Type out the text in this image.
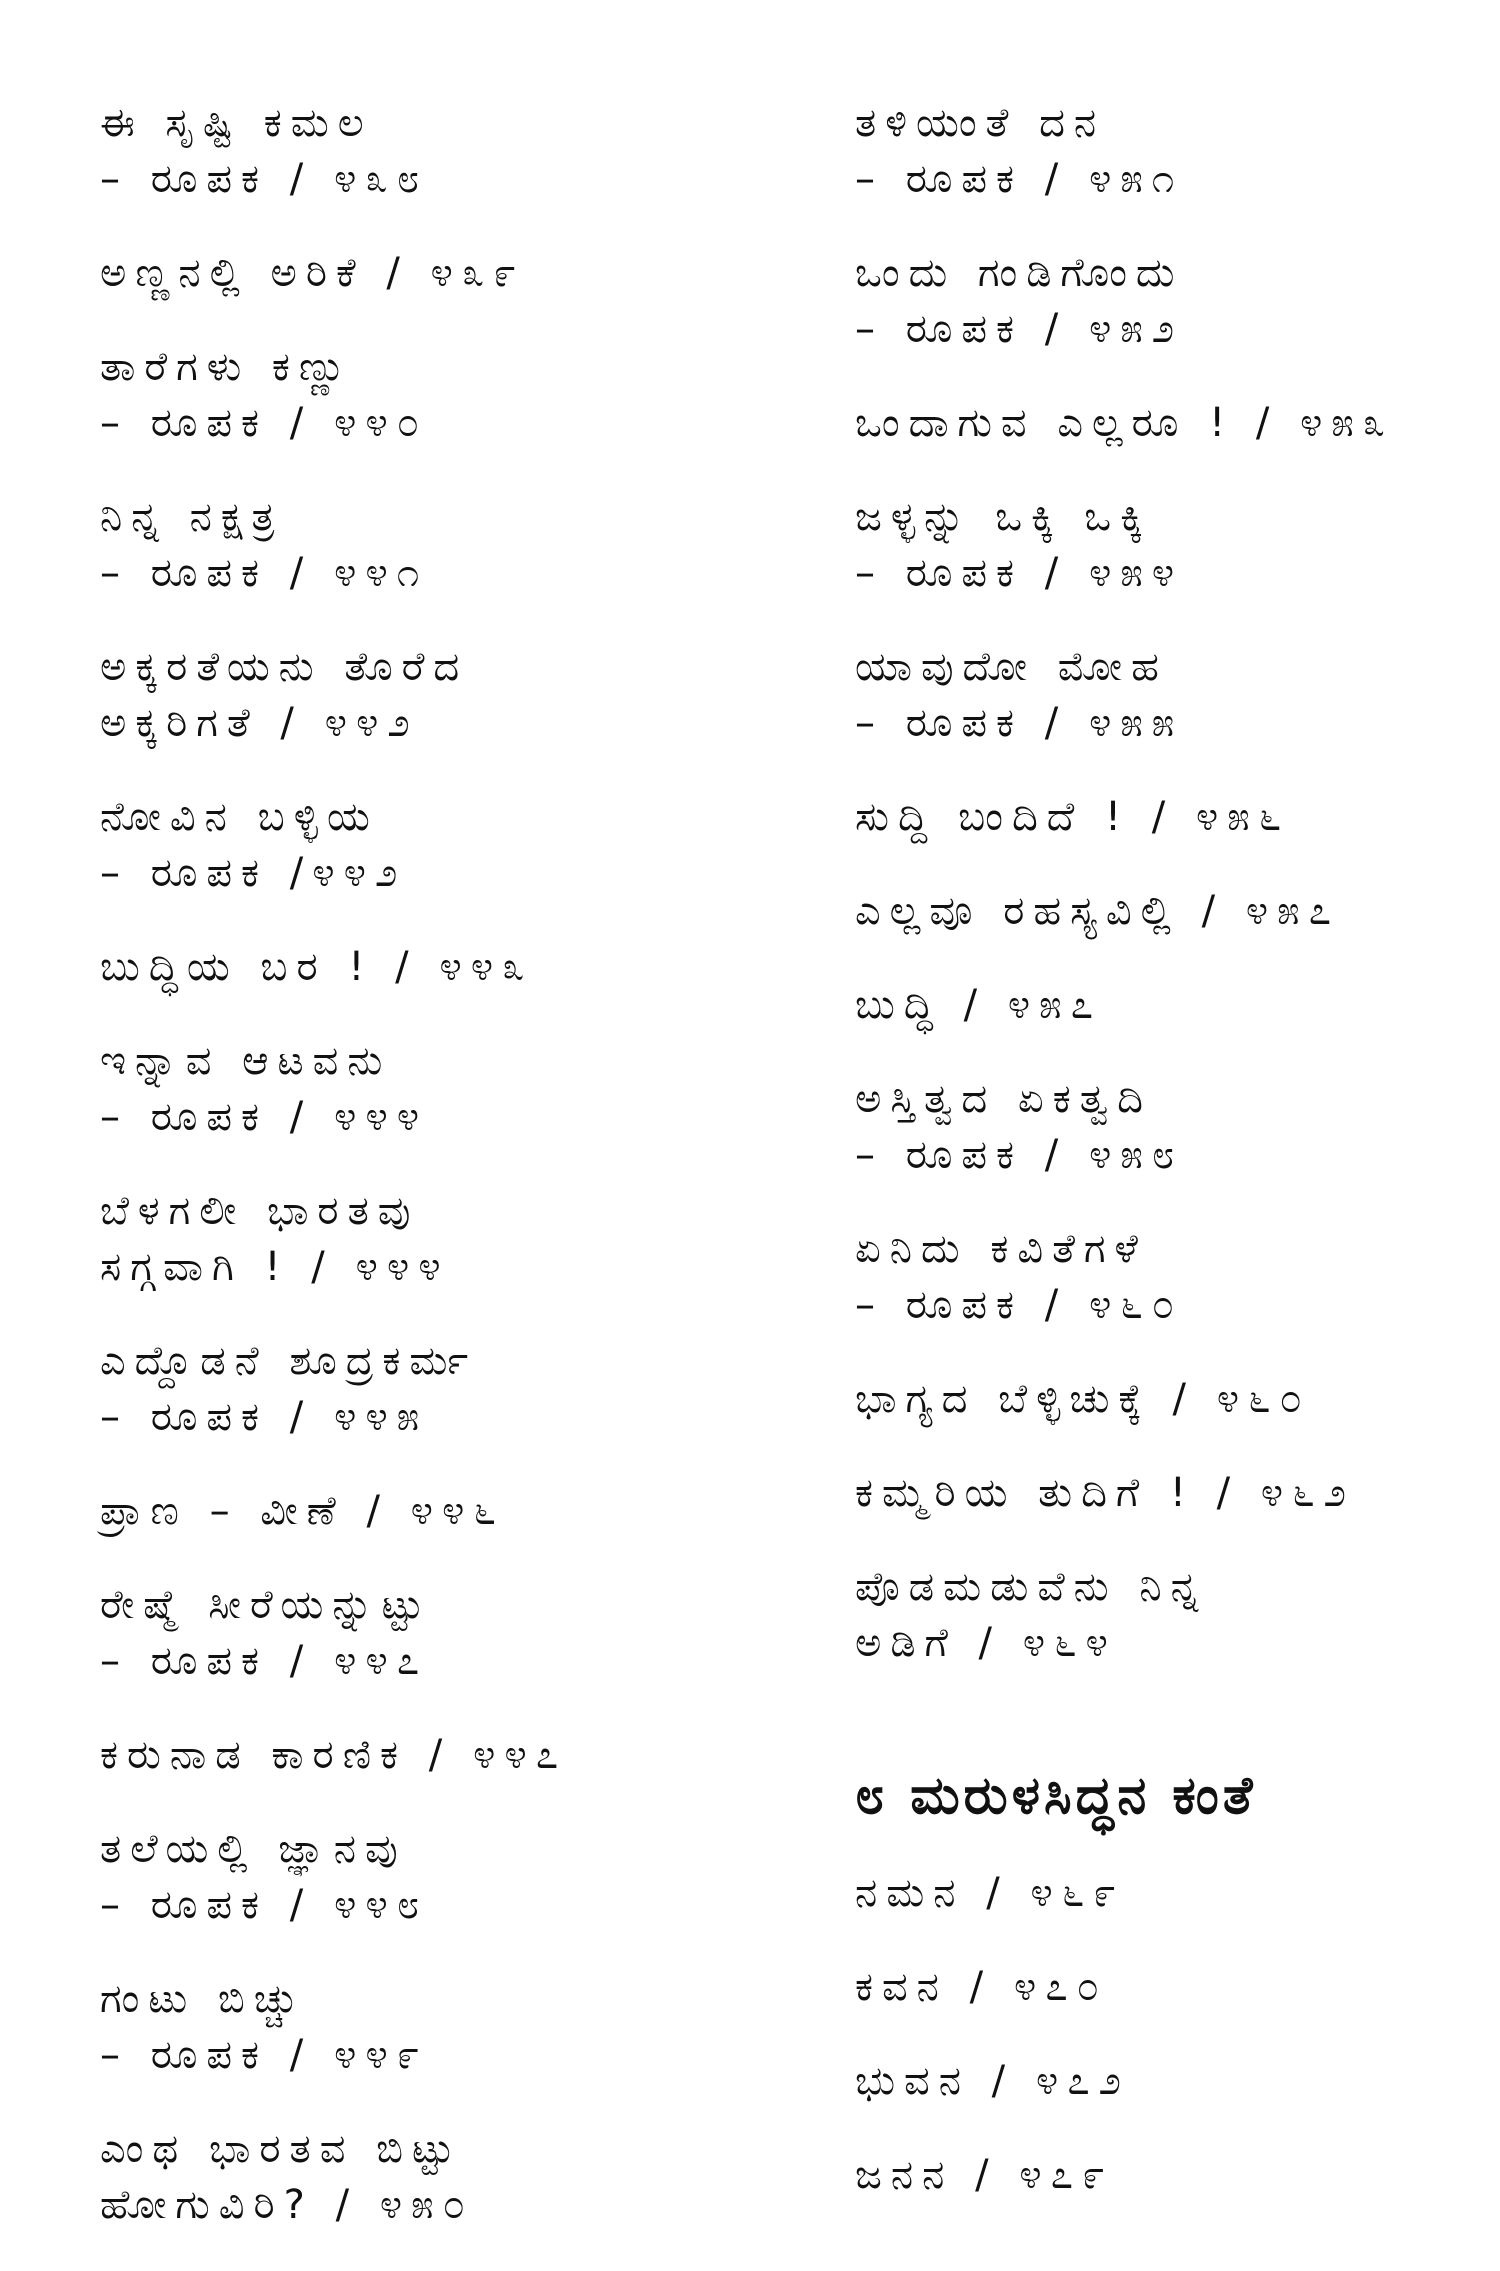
ಈ ಸೃಷ್ಟಿ ಕಮಲ
– ರೂಪಕ / ೪೩೮
ಅಣ್ಣನಲ್ಲಿ ಅರಿಕೆ / ೪೩೯
ತಾರೆಗಳು ಕಣ್ಣು
– ರೂಪಕ / ೪೪೦
ನಿನ್ನ ನಕ್ಷತ್ರ
– ರೂಪಕ / ೪೪೧
ಅಕ್ಕರತೆಯನು ತೊರೆದ
ಅಕ್ಕರಿಗತೆ / ೪೪೨
ನೋವಿನ ಬಳ್ಳಿಯ
– ರೂಪಕ /೪೪೨
ಬುದ್ಧಿಯ ಬರ ! / ೪೪೩
ಇನ್ನಾವ ಆಟವನು
– ರೂಪಕ / ೪೪೪
ಬೆಳಗಲೀ ಭಾರತವು
ಸಗ್ಗವಾಗಿ ! / ೪೪೪
ಎದ್ದೊಡನೆ ಶೂದ್ರಕರ್ಮ
– ರೂಪಕ / ೪೪೫
ಪ್ರಾಣ – ವೀಣೆ / ೪೪೬
ರೇಷ್ಮೆ ಸೀರೆಯನ್ನುಟ್ಟು
– ರೂಪಕ / ೪೪೭
ಕರುನಾಡ ಕಾರಣಿಕ / ೪೪೭
ತಲೆಯಲ್ಲಿ ಜ್ಞಾನವು
– ರೂಪಕ / ೪೪೮
ಗಂಟು ಬಿಚ್ಚು
– ರೂಪಕ / ೪೪೯
ಎಂಥ ಭಾರತವ ಬಿಟ್ಟು
ಹೋಗುವಿರಿ? / ೪೫೦
ತಳಿಯಂತೆ ದನ
– ರೂಪಕ / ೪೫೧
ಒಂದು ಗಂಡಿಗೊಂದು
– ರೂಪಕ / ೪೫೨
ಒಂದಾಗುವ ಎಲ್ಲರೂ ! / ೪೫೩
ಜಳ್ಳನ್ನು ಒಕ್ಕಿ ಒಕ್ಕಿ
– ರೂಪಕ / ೪೫೪
ಯಾವುದೋ ಮೋಹ
– ರೂಪಕ / ೪೫೫
ಸುದ್ದಿ ಬಂದಿದೆ ! / ೪೫೬
ಎಲ್ಲವೂ ರಹಸ್ಯವಿಲ್ಲಿ / ೪೫೭
ಬುದ್ಧಿ / ೪೫೭
ಅಸ್ತಿತ್ವದ ಏಕತ್ವದಿ
– ರೂಪಕ / ೪೫೮
ಏನಿದು ಕವಿತೆಗಳೆ
– ರೂಪಕ / ೪೬೦
ಭಾಗ್ಯದ ಬೆಳ್ಳಿಚುಕ್ಕೆ / ೪೬೦
ಕಮ್ಮರಿಯ ತುದಿಗೆ ! / ೪೬೨
ಪೊಡಮಡುವೆನು ನಿನ್ನ
ಅಡಿಗೆ / ೪೬೪
೮ ಮರುಳಸಿದ್ಧನ ಕಂತೆ
ನಮನ / ೪೬೯
ಕವನ / ೪೭೦
ಭುವನ / ೪೭೨
ಜನನ / ೪೭೯
